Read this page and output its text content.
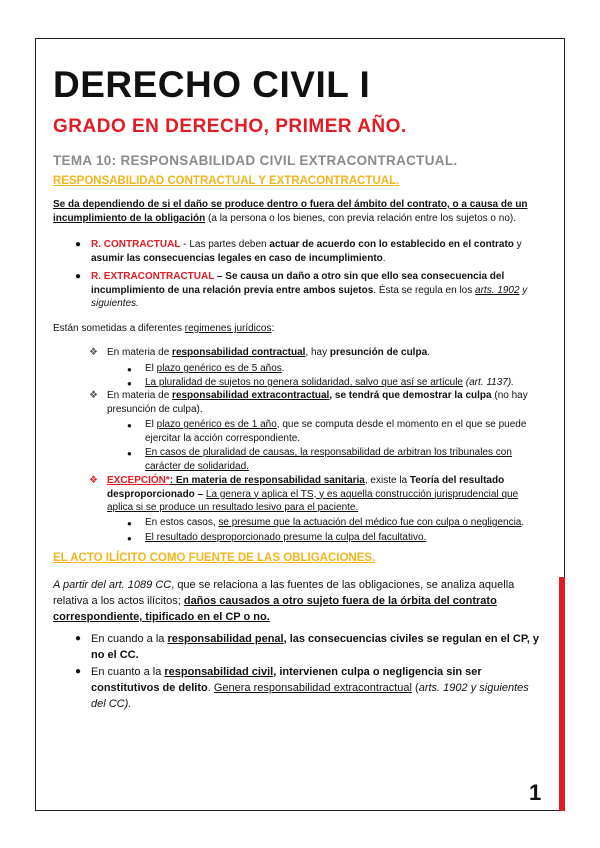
1
DERECHO CIVIL I
GRADO EN DERECHO, PRIMER AÑO.
TEMA 10: RESPONSABILIDAD CIVIL EXTRACONTRACTUAL.
RESPONSABILIDAD CONTRACTUAL Y EXTRACONTRACTUAL.
Se da dependiendo de si el daño se produce dentro o fuera del ámbito del contrato, o a causa de un incumplimiento de la obligación (a la persona o los bienes, con previa relación entre los sujetos o no).
● R. CONTRACTUAL - Las partes deben actuar de acuerdo con lo establecido en el contrato y asumir las consecuencias legales en caso de incumplimiento.
● R. EXTRACONTRACTUAL – Se causa un daño a otro sin que ello sea consecuencia del incumplimiento de una relación previa entre ambos sujetos. Ésta se regula en los arts. 1902 y siguientes.
Están sometidas a diferentes regimenes jurídicos:
❖ En materia de responsabilidad contractual, hay presunción de culpa.
● El plazo genérico es de 5 años.
● La pluralidad de sujetos no genera solidaridad, salvo que así se artícule (art. 1137).
❖ En materia de responsabilidad extracontractual, se tendrá que demostrar la culpa (no hay presunción de culpa).
● El plazo genérico es de 1 año, que se computa desde el momento en el que se puede ejercitar la acción correspondiente.
● En casos de pluralidad de causas, la responsabilidad de arbitran los tribunales con carácter de solidaridad.
❖ EXCEPCIÓN*: En materia de responsabilidad sanitaria, existe la Teoría del resultado desproporcionado – La genera y aplica el TS, y es aquella construcción jurisprudencial que aplica si se produce un resultado lesivo para el paciente.
● En estos casos, se presume que la actuación del médico fue con culpa o negligencia.
● El resultado desproporcionado presume la culpa del facultativo.
EL ACTO ILÍCITO COMO FUENTE DE LAS OBLIGACIONES.
A partir del art. 1089 CC, que se relaciona a las fuentes de las obligaciones, se analiza aquella relativa a los actos ilícitos; daños causados a otro sujeto fuera de la órbita del contrato correspondiente, tipificado en el CP o no.
● En cuando a la responsabilidad penal, las consecuencias civiles se regulan en el CP, y no el CC.
● En cuanto a la responsabilidad civil, intervienen culpa o negligencia sin ser constitutivos de delito. Genera responsabilidad extracontractual (arts. 1902 y siguientes del CC).
